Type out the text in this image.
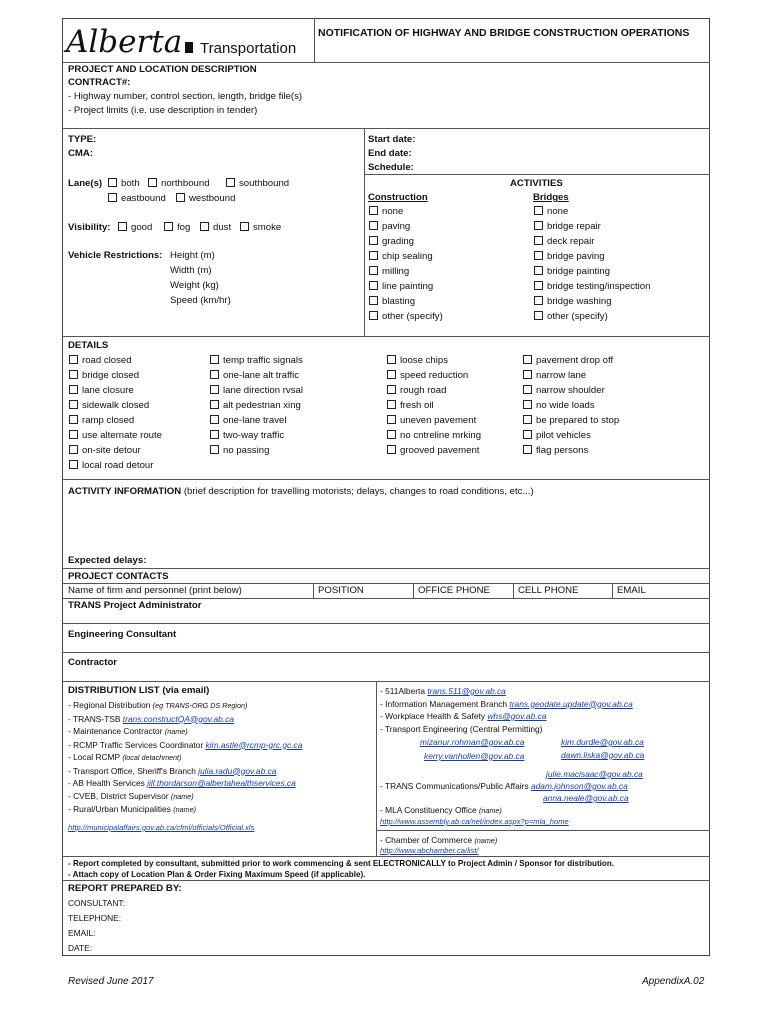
Alberta Transportation
NOTIFICATION OF HIGHWAY AND BRIDGE CONSTRUCTION OPERATIONS
PROJECT AND LOCATION DESCRIPTION
CONTRACT#:
- Highway number, control section, length, bridge file(s)
- Project limits (i.e. use description in tender)
TYPE:
CMA:
Start date:
End date:
Schedule:
Lane(s)	both	northbound	southbound
eastbound	westbound
Visibility:	good	fog	dust	smoke
Vehicle Restrictions: Height (m)
Width (m)
Weight (kg)
Speed (km/hr)
ACTIVITIES
Construction	Bridges
none
paving
grading
chip sealing
milling
line painting
blasting
other (specify)
none
bridge repair
deck repair
bridge paving
bridge painting
bridge testing/inspection
bridge washing
other (specify)
DETAILS
road closed
bridge closed
lane closure
sidewalk closed
ramp closed
use alternate route
on-site detour
local road detour
temp traffic signals
one-lane alt traffic
lane direction rvsal
alt pedestrian xing
one-lane travel
two-way traffic
no passing
loose chips
speed reduction
rough road
fresh oil
uneven pavement
no cntreline mrking
grooved pavement
pavement drop off
narrow lane
narrow shoulder
no wide loads
be prepared to stop
pilot vehicles
flag persons
ACTIVITY INFORMATION (brief description for travelling motorists; delays, changes to road conditions, etc...)
Expected delays:
PROJECT CONTACTS
Name of firm and personnel (print below)	POSITION	OFFICE PHONE	CELL PHONE	EMAIL
TRANS Project Administrator
Engineering Consultant
Contractor
DISTRIBUTION LIST (via email)
- Regional Distribution (eg TRANS-ORG DS Region)
- TRANS-TSB trans.constructQA@gov.ab.ca
- Maintenance Contractor (name)
- RCMP Traffic Services Coordinator kim.astle@rcmp-grc.gc.ca
- Local RCMP (local detachment)
- Transport Office, Sheriff's Branch julia.radu@gov.ab.ca
- AB Health Services jill.thordarson@albertahealthservices.ca
- CVEB, District Supervisor (name)
- Rural/Urban Municipalities (name)
http://municipalaffairs.gov.ab.ca/cfml/officials/Official.xls
- 511Alberta trans.511@gov.ab.ca
- Information Management Branch trans.geodate.update@gov.ab.ca
- Workplace Health & Safety whs@gov.ab.ca
- Transport Engineering (Central Permitting)
mizanur.rohman@gov.ab.ca	kim.durdle@gov.ab.ca
kerry.vanhollen@gov.ab.ca	dawn.liska@gov.ab.ca
julie.macisaac@gov.ab.ca
- TRANS Communications/Public Affairs adam.johnson@gov.ab.ca
anna.neale@gov.ab.ca
- MLA Constituency Office (name)
http://www.assembly.ab.ca/net/index.aspx?p=mla_home
- Chamber of Commerce (name)
http://www.abchamber.ca/list/
- Report completed by consultant, submitted prior to work commencing & sent ELECTRONICALLY to Project Admin / Sponsor for distribution.
- Attach copy of Location Plan & Order Fixing Maximum Speed (if applicable).
REPORT PREPARED BY:
CONSULTANT:
TELEPHONE:
EMAIL:
DATE:
Revised June 2017	AppendixA.02
